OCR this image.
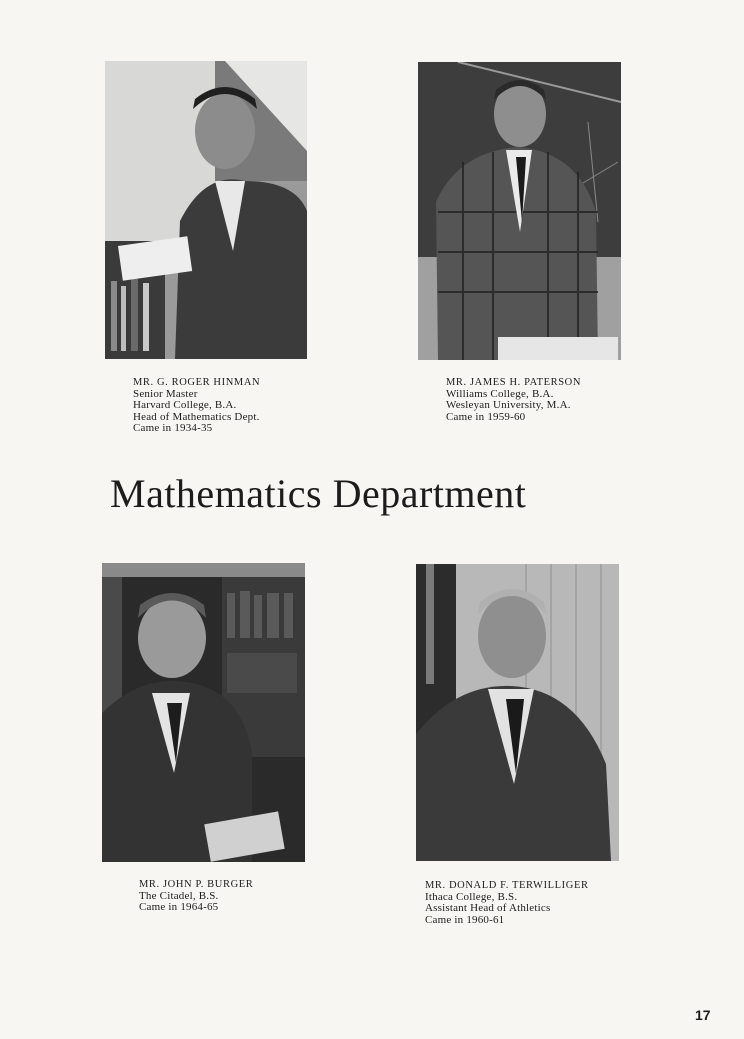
MR. G. ROGER HINMAN
Senior Master
Harvard College, B.A.
Head of Mathematics Dept.
Came in 1934-35
MR. JAMES H. PATERSON
Williams College, B.A.
Wesleyan University, M.A.
Came in 1959-60
Mathematics Department
MR. JOHN P. BURGER
The Citadel, B.S.
Came in 1964-65
MR. DONALD F. TERWILLIGER
Ithaca College, B.S.
Assistant Head of Athletics
Came in 1960-61
17
